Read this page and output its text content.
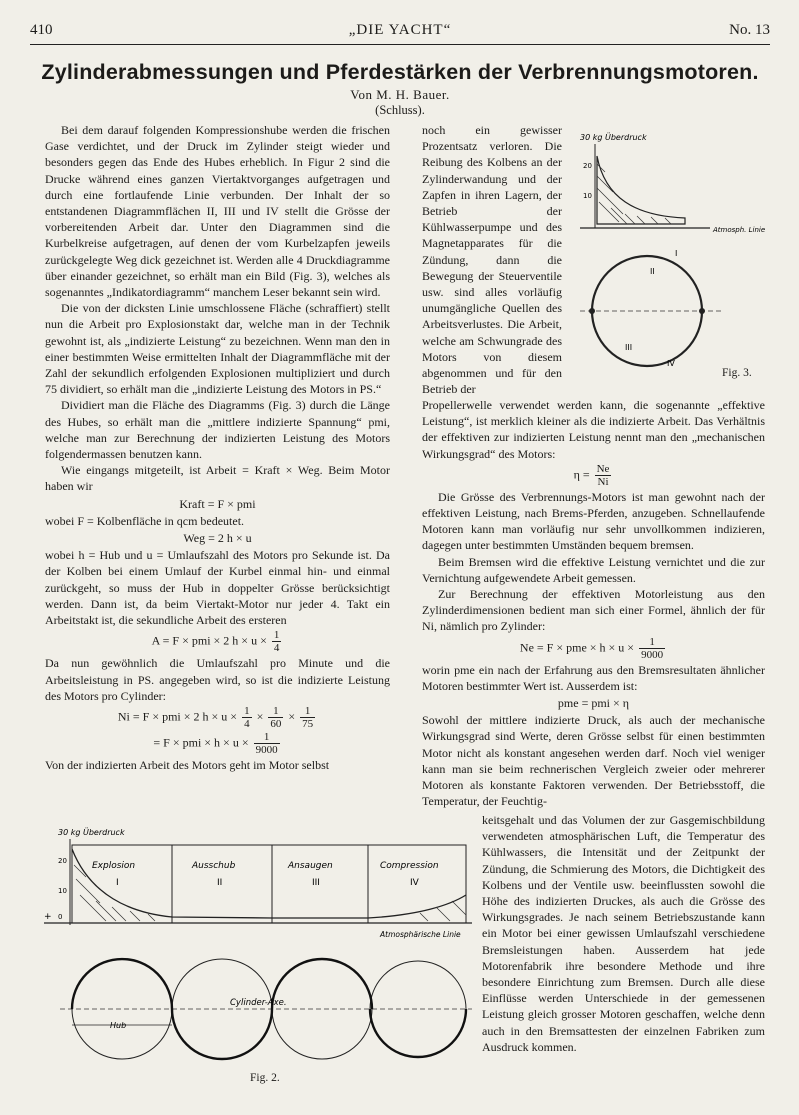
410	„DIE YACHT“	No. 13
Zylinderabmessungen und Pferdestärken der Verbrennungsmotoren.
Von M. H. Bauer.
(Schluss).

Bei dem darauf folgenden Kompressionshube werden die frischen Gase verdichtet, und der Druck im Zylinder steigt wieder und besonders gegen das Ende des Hubes erheblich. In Figur 2 sind die Drucke während eines ganzen Viertaktvorganges aufgetragen und durch eine fortlaufende Linie verbunden. Der Inhalt der so entstandenen Diagrammflächen II, III und IV stellt die Grösse der vorbereitenden Arbeit dar. Unter den Diagrammen sind die Kurbelkreise aufgetragen, auf denen der vom Kurbelzapfen jeweils zurückgelegte Weg dick gezeichnet ist. Werden alle 4 Druckdiagramme über einander gezeichnet, so erhält man ein Bild (Fig. 3), welches als sogenanntes „Indikatordiagramm“ manchem Leser bekannt sein wird.

Die von der dicksten Linie umschlossene Fläche (schraffiert) stellt nun die Arbeit pro Explosionstakt dar, welche man in der Technik gewohnt ist, als „indizierte Leistung“ zu bezeichnen. Wenn man den in einer bestimmten Weise ermittelten Inhalt der Diagrammfläche mit der Zahl der sekundlich erfolgenden Explosionen multipliziert und durch 75 dividiert, so erhält man die „indizierte Leistung des Motors in PS.“

Dividiert man die Fläche des Diagramms (Fig. 3) durch die Länge des Hubes, so erhält man die „mittlere indizierte Spannung“ pmi, welche man zur Berechnung der indizierten Leistung des Motors folgendermassen benutzen kann.

Wie eingangs mitgeteilt, ist Arbeit = Kraft × Weg. Beim Motor haben wir

Kraft = F × pmi

wobei F = Kolbenfläche in qcm bedeutet.

Weg = 2 h × u

wobei h = Hub und u = Umlaufszahl des Motors pro Sekunde ist. Da der Kolben bei einem Umlauf der Kurbel einmal hin- und einmal zurückgeht, so muss der Hub in doppelter Grösse berücksichtigt werden. Dann ist, da beim Viertakt-Motor nur jeder 4. Takt ein Arbeitstakt ist, die sekundliche Arbeit des ersteren

A = F × pmi × 2 $h \times u \times \frac{1}{4}$

Da nun gewöhnlich die Umlaufszahl pro Minute und die Arbeitsleistung in PS. angegeben wird, so ist die indizierte Leistung des Motors pro Cylinder:

Ni = F × pmi × 2 $h \times u \times \frac{1}{4} \times \frac{1}{60} \times \frac{1}{75}$
= F × pmi × $h \times u \times \frac{1}{9000}$

Von der indizierten Arbeit des Motors geht im Motor selbst

noch ein gewisser Prozentsatz verloren. Die Reibung des Kolbens an der Zylinderwandung und der Zapfen in ihren Lagern, der Betrieb der Kühlwasserpumpe und des Magnetapparates für die Zündung, dann die Bewegung der Steuerventile usw. sind alles vorläufig unumgängliche Quellen des Arbeitsverlustes. Die Arbeit, welche am Schwungrade des Motors von diesem abgenommen und für den Betrieb der

30 kg Überdruck
20
10
Atmosph. Linie
I
II
III
IV
Fig. 3.

Propellerwelle verwendet werden kann, die sogenannte „effektive Leistung“, ist merklich kleiner als die indizierte Arbeit. Das Verhältnis der effektiven zur indizierten Leistung nennt man den „mechanischen Wirkungsgrad“ des Motors:

$\eta = \frac{Ne}{Ni}$

Die Grösse des Verbrennungs-Motors ist man gewohnt nach der effektiven Leistung, nach Brems-Pferden, anzugeben. Schnellaufende Motoren kann man vorläufig nur sehr unvollkommen indizieren, dagegen unter bestimmten Umständen bequem bremsen.

Beim Bremsen wird die effektive Leistung vernichtet und die zur Vernichtung aufgewendete Arbeit gemessen.

Zur Berechnung der effektiven Motorleistung aus den Zylinderdimensionen bedient man sich einer Formel, ähnlich der für Ni, nämlich pro Zylinder:

Ne = F × pme × $h \times u \times \frac{1}{9000}$

worin pme ein nach der Erfahrung aus den Bremsresultaten ähnlicher Motoren bestimmter Wert ist. Ausserdem ist:

pme = pmi × η

Sowohl der mittlere indizierte Druck, als auch der mechanische Wirkungsgrad sind Werte, deren Grösse selbst für einen bestimmten Motor nicht als konstant angesehen werden darf. Noch viel weniger kann man sie beim rechnerischen Vergleich zweier oder mehrerer Motoren als konstante Faktoren verwenden. Der Betriebsstoff, die Temperatur, der Feuchtig-

keitsgehalt und das Volumen der zur Gasgemischbildung verwendeten atmosphärischen Luft, die Temperatur des Kühlwassers, die Intensität und der Zeitpunkt der Zündung, die Schmierung des Motors, die Dichtigkeit des Kolbens und der Ventile usw. beeinflussten sowohl die Höhe des indizierten Druckes, als auch die Grösse des Wirkungsgrades. Je nach seinem Betriebszustande kann ein Motor bei einer gewissen Umlaufszahl verschiedene Bremsleistungen haben. Ausserdem hat jede Motorenfabrik ihre besondere Methode und ihre besondere Einrichtung zum Bremsen. Durch alle diese Einflüsse werden Unterschiede in der gemessenen Leistung gleich grosser Motoren geschaffen, welche denn auch in den Bremsattesten der einzelnen Fabriken zum Ausdruck kommen.

30 kg Überdruck
20
10
+ 0
Explosion
I
Ausschub
II
Ansaugen
III
Compression
IV
Atmosphärische Linie
Cylinder-Axe.
Hub
Fig. 2.
